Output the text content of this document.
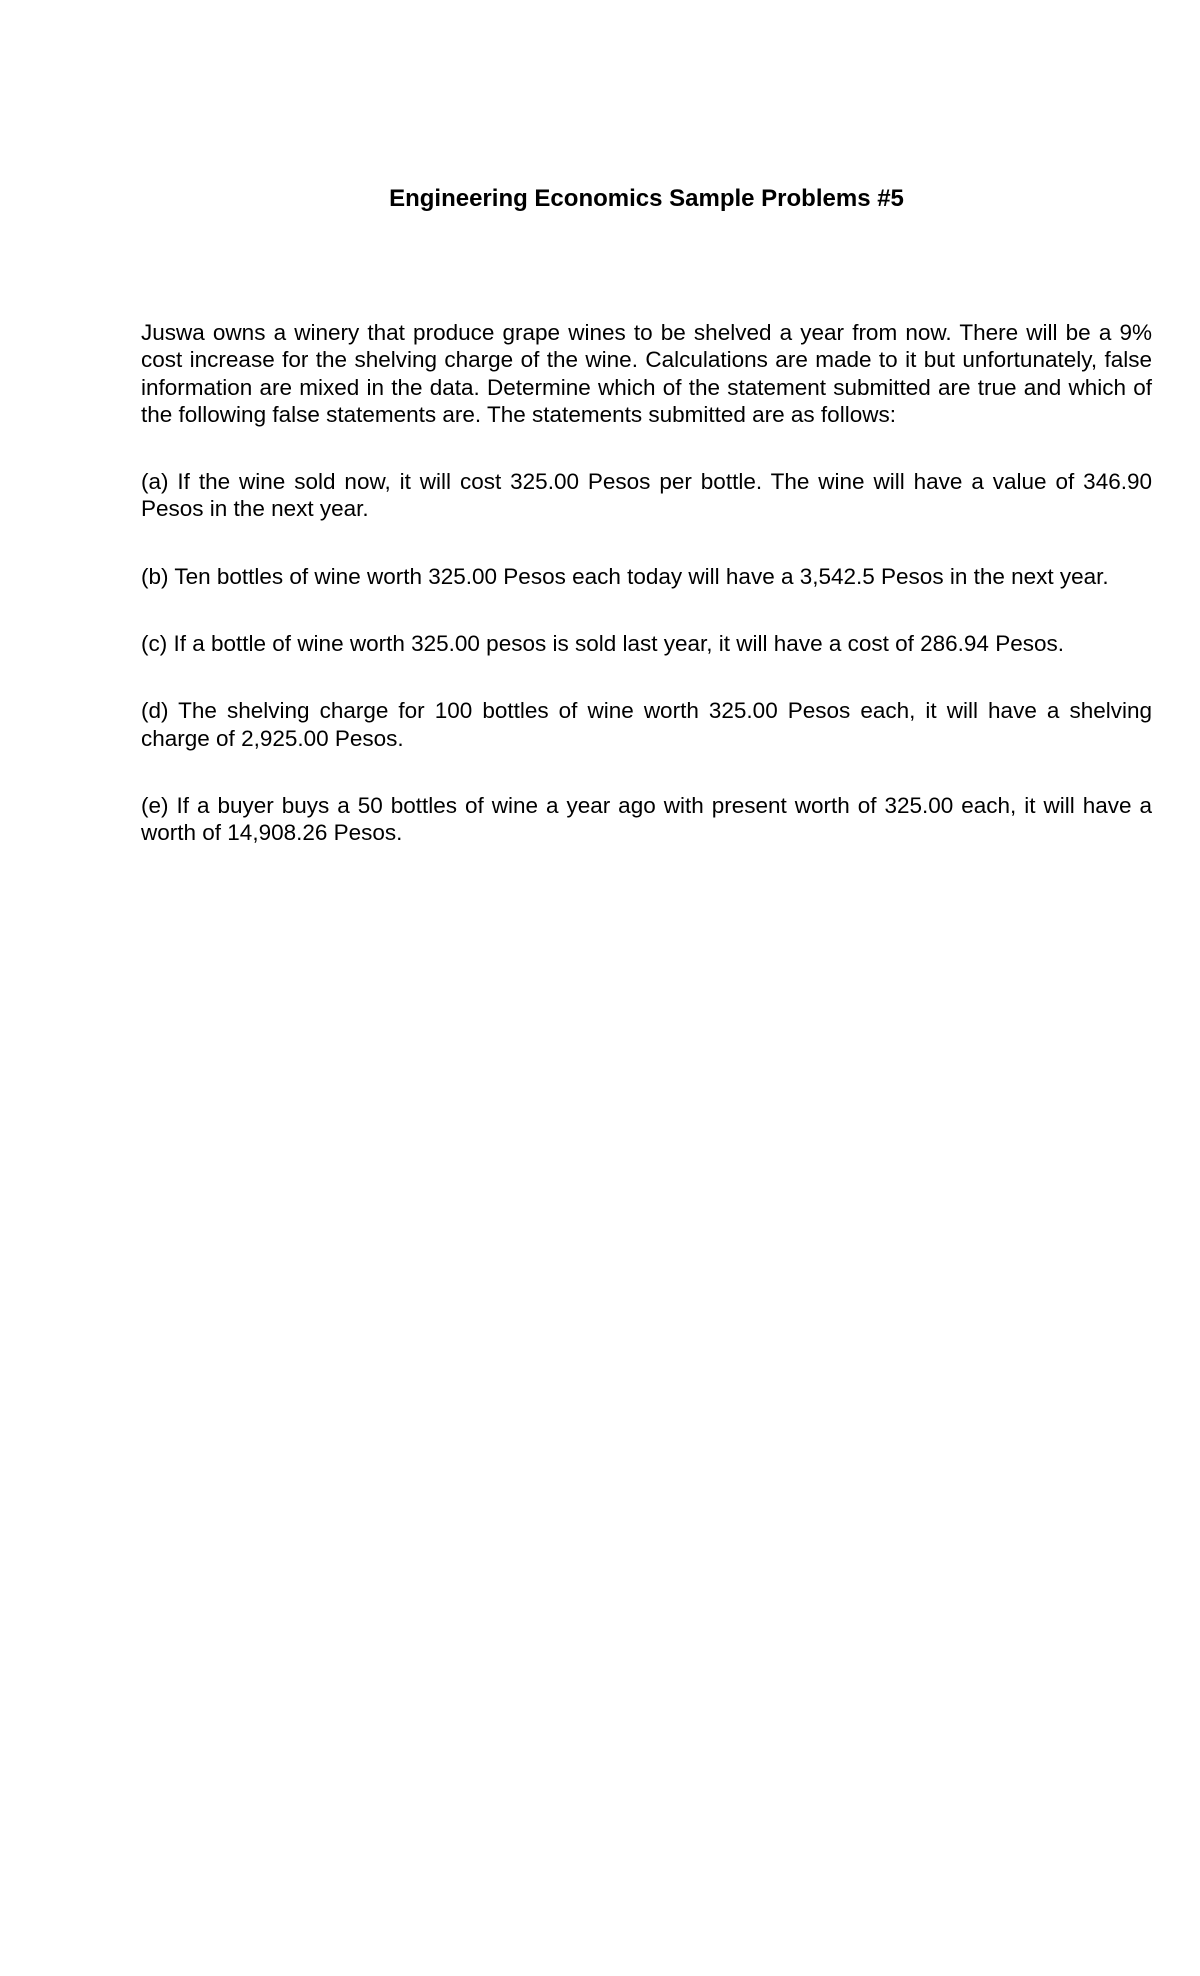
Engineering Economics Sample Problems #5

Juswa owns a winery that produce grape wines to be shelved a year from now. There will be a 9% cost increase for the shelving charge of the wine. Calculations are made to it but unfortunately, false information are mixed in the data. Determine which of the statement submitted are true and which of the following false statements are. The statements submitted are as follows:

(a) If the wine sold now, it will cost 325.00 Pesos per bottle. The wine will have a value of 346.90 Pesos in the next year.

(b) Ten bottles of wine worth 325.00 Pesos each today will have a 3,542.5 Pesos in the next year.

(c) If a bottle of wine worth 325.00 pesos is sold last year, it will have a cost of 286.94 Pesos.

(d) The shelving charge for 100 bottles of wine worth 325.00 Pesos each, it will have a shelving charge of 2,925.00 Pesos.

(e) If a buyer buys a 50 bottles of wine a year ago with present worth of 325.00 each, it will have a worth of 14,908.26 Pesos.
